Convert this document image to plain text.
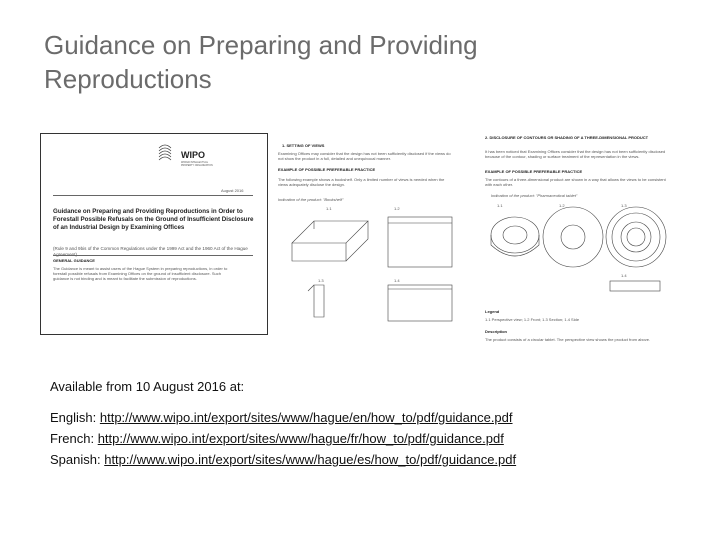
Guidance on Preparing and Providing Reproductions
WIPO
WORLD INTELLECTUAL PROPERTY ORGANIZATION
August 2016
Guidance on Preparing and Providing Reproductions in Order to Forestall Possible Refusals on the Ground of Insufficient Disclosure of an Industrial Design by Examining Offices
(Rule 9 and 9bis of the Common Regulations under the 1999 Act and the 1960 Act of the Hague
GENERAL GUIDANCE
The Guidance is meant to assist users of the Hague System in preparing reproductions, in order to forestall possible refusals from Examining Offices on the ground of insufficient disclosure. Such guidance is not binding and is meant to facilitate the submission of reproductions.
1. SETTING OF VIEWS
Examining Offices may consider that the design has not been sufficiently disclosed if the views do not show the product in a full, detailed and unequivocal manner.
EXAMPLE OF POSSIBLE PREFERABLE PRACTICE
The following example shows a bookshelf. Only a limited number of views is needed when the views adequately disclose the design.
Indication of the product: "Bookshelf"
1.1	1.2
1.3	1.4
2. DISCLOSURE OF CONTOURS OR SHADING OF A THREE-DIMENSIONAL PRODUCT
It has been noticed that Examining Offices consider that the design has not been sufficiently disclosed because of the contour, shading or surface treatment of the representation in the views.
EXAMPLE OF POSSIBLE PREFERABLE PRACTICE
The contours of a three-dimensional product are shown in a way that allows the views to be consistent with each other.
Indication of the product: "Pharmaceutical tablet"
1.1	1.2	1.3
1.4
Legend
1.1 Perspective view; 1.2 Front; 1.3 Section; 1.4 Side
Description
The product consists of a circular tablet. The perspective view shows the product from above.
Available from 10 August 2016 at:
English: http://www.wipo.int/export/sites/www/hague/en/how_to/pdf/guidance.pdf
French: http://www.wipo.int/export/sites/www/hague/fr/how_to/pdf/guidance.pdf
Spanish: http://www.wipo.int/export/sites/www/hague/es/how_to/pdf/guidance.pdf
